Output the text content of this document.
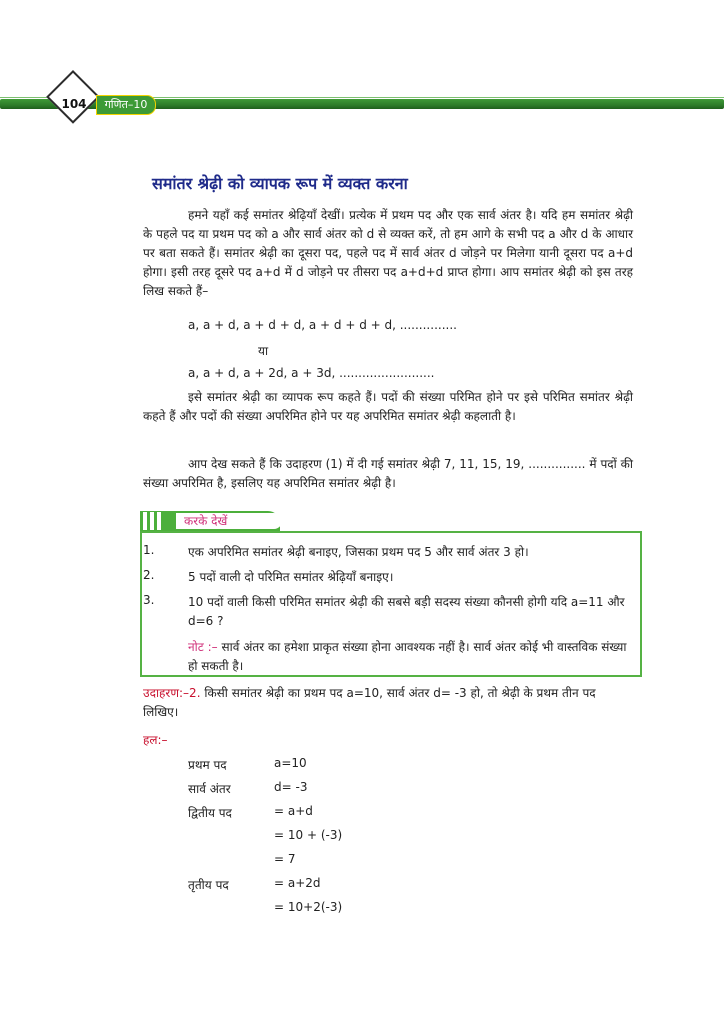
104	गणित–10
समांतर श्रेढ़ी को व्यापक रूप में व्यक्त करना
हमने यहाँ कई समांतर श्रेढ़ियाँ देखीं। प्रत्येक में प्रथम पद और एक सार्व अंतर है। यदि हम समांतर श्रेढ़ी के पहले पद या प्रथम पद को a और सार्व अंतर को d से व्यक्त करें, तो हम आगे के सभी पद a और d के आधार पर बता सकते हैं। समांतर श्रेढ़ी का दूसरा पद, पहले पद में सार्व अंतर d जोड़ने पर मिलेगा यानी दूसरा पद a+d होगा। इसी तरह दूसरे पद a+d में d जोड़ने पर तीसरा पद a+d+d प्राप्त होगा। आप समांतर श्रेढ़ी को इस तरह लिख सकते हैं–
a, a + d, a + d + d, a + d + d + d, ...............
या
a, a + d, a + 2d, a + 3d, .........................
इसे समांतर श्रेढ़ी का व्यापक रूप कहते हैं। पदों की संख्या परिमित होने पर इसे परिमित समांतर श्रेढ़ी कहते हैं और पदों की संख्या अपरिमित होने पर यह अपरिमित समांतर श्रेढ़ी कहलाती है।
आप देख सकते हैं कि उदाहरण (1) में दी गई समांतर श्रेढ़ी 7, 11, 15, 19, ............... में पदों की संख्या अपरिमित है, इसलिए यह अपरिमित समांतर श्रेढ़ी है।
करके देखें
1.	एक अपरिमित समांतर श्रेढ़ी बनाइए, जिसका प्रथम पद 5 और सार्व अंतर 3 हो।
2.	5 पदों वाली दो परिमित समांतर श्रेढ़ियाँ बनाइए।
3.	10 पदों वाली किसी परिमित समांतर श्रेढ़ी की सबसे बड़ी सदस्य संख्या कौनसी होगी यदि a=11 और d=6 ?
नोट :– सार्व अंतर का हमेशा प्राकृत संख्या होना आवश्यक नहीं है। सार्व अंतर कोई भी वास्तविक संख्या हो सकती है।
उदाहरण:–2. किसी समांतर श्रेढ़ी का प्रथम पद a=10, सार्व अंतर d= -3 हो, तो श्रेढ़ी के प्रथम तीन पद लिखिए।
हल:–
प्रथम पद	a=10
सार्व अंतर	d= -3
द्वितीय पद	= a+d
= 10 + (-3)
= 7
तृतीय पद	= a+2d
= 10+2(-3)
